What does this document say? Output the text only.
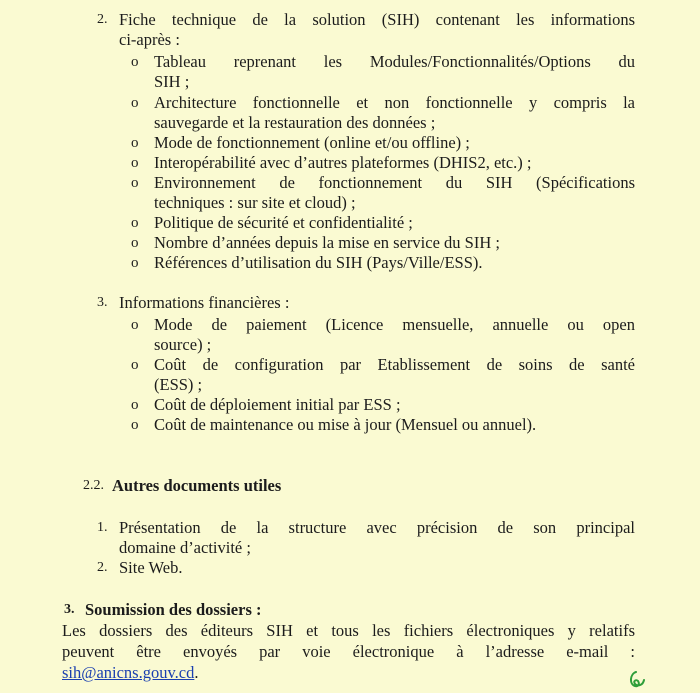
2. Fiche technique de la solution (SIH) contenant les informations
ci-après :
o Tableau reprenant les Modules/Fonctionnalités/Options du
SIH ;
o Architecture fonctionnelle et non fonctionnelle y compris la
sauvegarde et la restauration des données ;
o Mode de fonctionnement (online et/ou offline) ;
o Interopérabilité avec d’autres plateformes (DHIS2, etc.) ;
o Environnement de fonctionnement du SIH (Spécifications
techniques : sur site et cloud) ;
o Politique de sécurité et confidentialité ;
o Nombre d’années depuis la mise en service du SIH ;
o Références d’utilisation du SIH (Pays/Ville/ESS).
3. Informations financières :
o Mode de paiement (Licence mensuelle, annuelle ou open
source) ;
o Coût de configuration par Etablissement de soins de santé
(ESS) ;
o Coût de déploiement initial par ESS ;
o Coût de maintenance ou mise à jour (Mensuel ou annuel).
2.2. Autres documents utiles
1. Présentation de la structure avec précision de son principal
domaine d’activité ;
2. Site Web.
3. Soumission des dossiers :
Les dossiers des éditeurs SIH et tous les fichiers électroniques y relatifs
peuvent être envoyés par voie électronique à l’adresse e-mail :
sih@anicns.gouv.cd.
